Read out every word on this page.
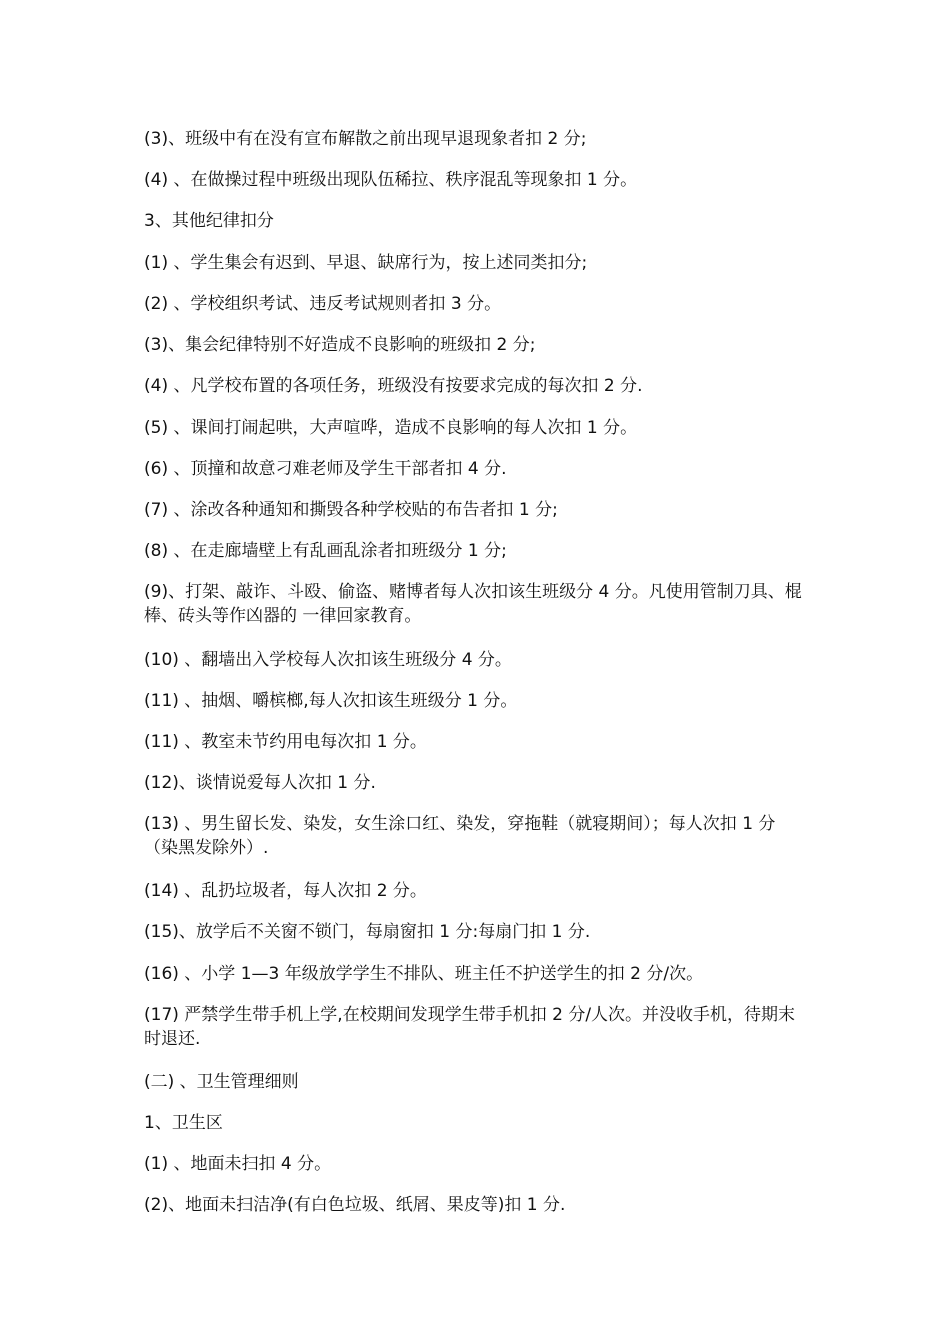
(3)、班级中有在没有宣布解散之前出现早退现象者扣 2 分;
(4) 、在做操过程中班级出现队伍稀拉、秩序混乱等现象扣 1 分。
3、其他纪律扣分
(1) 、学生集会有迟到、早退、缺席行为，按上述同类扣分;
(2) 、学校组织考试、违反考试规则者扣 3 分。
(3)、集会纪律特别不好造成不良影响的班级扣 2 分;
(4) 、凡学校布置的各项任务，班级没有按要求完成的每次扣 2 分.
(5) 、课间打闹起哄，大声喧哗，造成不良影响的每人次扣 1 分。
(6) 、顶撞和故意刁难老师及学生干部者扣 4 分.
(7) 、涂改各种通知和撕毁各种学校贴的布告者扣 1 分;
(8) 、在走廊墙壁上有乱画乱涂者扣班级分 1 分;
(9)、打架、敲诈、斗殴、偷盗、赌博者每人次扣该生班级分 4 分。凡使用管制刀具、棍棒、砖头等作凶器的 一律回家教育。
(10) 、翻墙出入学校每人次扣该生班级分 4 分。
(11) 、抽烟、嚼槟榔,每人次扣该生班级分 1 分。
(11) 、教室未节约用电每次扣 1 分。
(12)、谈情说爱每人次扣 1 分.
(13) 、男生留长发、染发，女生涂口红、染发，穿拖鞋（就寝期间）；每人次扣 1 分（染黑发除外）.
(14) 、乱扔垃圾者，每人次扣 2 分。
(15)、放学后不关窗不锁门，每扇窗扣 1 分:每扇门扣 1 分.
(16) 、小学 1—3 年级放学学生不排队、班主任不护送学生的扣 2 分/次。
(17) 严禁学生带手机上学,在校期间发现学生带手机扣 2 分/人次。并没收手机，待期末时退还.
(二) 、卫生管理细则
1、卫生区
(1) 、地面未扫扣 4 分。
(2)、地面未扫洁净(有白色垃圾、纸屑、果皮等)扣 1 分.
